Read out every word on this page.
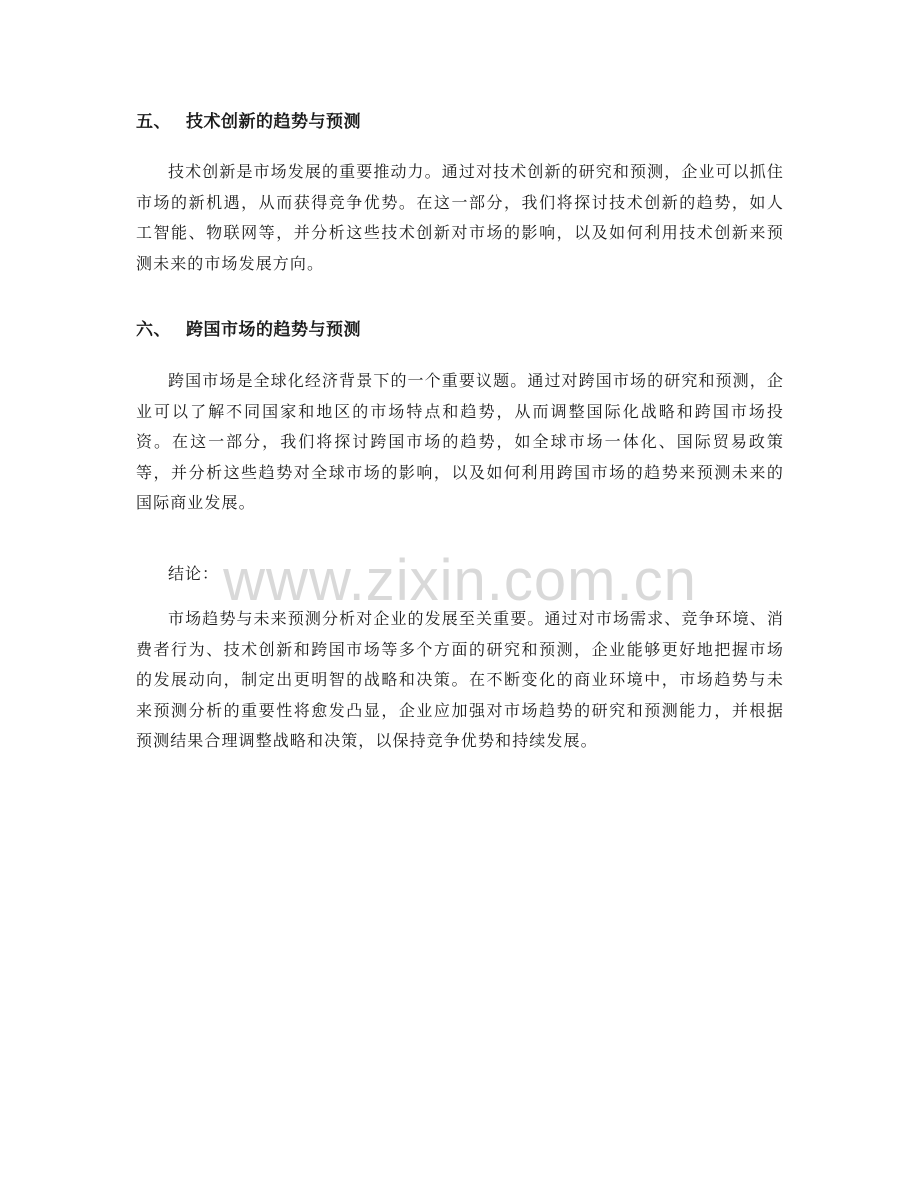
五、 技术创新的趋势与预测
技术创新是市场发展的重要推动力。通过对技术创新的研究和预测，企业可以抓住市场的新机遇，从而获得竞争优势。在这一部分，我们将探讨技术创新的趋势，如人工智能、物联网等，并分析这些技术创新对市场的影响，以及如何利用技术创新来预测未来的市场发展方向。
六、 跨国市场的趋势与预测
跨国市场是全球化经济背景下的一个重要议题。通过对跨国市场的研究和预测，企业可以了解不同国家和地区的市场特点和趋势，从而调整国际化战略和跨国市场投资。在这一部分，我们将探讨跨国市场的趋势，如全球市场一体化、国际贸易政策等，并分析这些趋势对全球市场的影响，以及如何利用跨国市场的趋势来预测未来的国际商业发展。
www.zixin.com.cn
结论：
市场趋势与未来预测分析对企业的发展至关重要。通过对市场需求、竞争环境、消费者行为、技术创新和跨国市场等多个方面的研究和预测，企业能够更好地把握市场的发展动向，制定出更明智的战略和决策。在不断变化的商业环境中，市场趋势与未来预测分析的重要性将愈发凸显，企业应加强对市场趋势的研究和预测能力，并根据预测结果合理调整战略和决策，以保持竞争优势和持续发展。
